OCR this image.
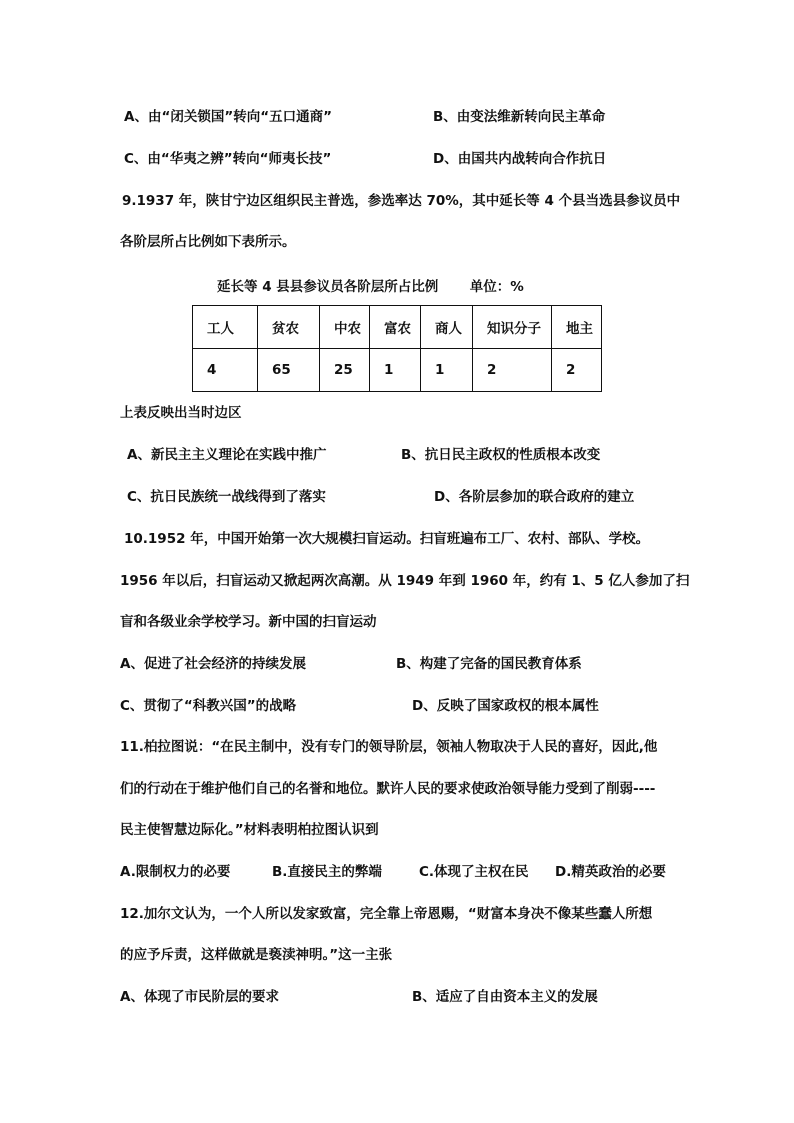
A、由“闭关锁国”转向“五口通商”	B、由变法维新转向民主革命
C、由“华夷之辨”转向“师夷长技”	D、由国共内战转向合作抗日
9.1937 年，陕甘宁边区组织民主普选，参选率达 70%，其中延长等 4 个县当选县参议员中
各阶层所占比例如下表所示。
延长等 4 县县参议员各阶层所占比例 单位：%
工人	贫农	中农	富农	商人	知识分子	地主
4	65	25	1	1	2	2
上表反映出当时边区
A、新民主主义理论在实践中推广	B、抗日民主政权的性质根本改变
C、抗日民族统一战线得到了落实	D、各阶层参加的联合政府的建立
10.1952 年，中国开始第一次大规模扫盲运动。扫盲班遍布工厂、农村、部队、学校。
1956 年以后，扫盲运动又掀起两次高潮。从 1949 年到 1960 年，约有 1、5 亿人参加了扫
盲和各级业余学校学习。新中国的扫盲运动
A、促进了社会经济的持续发展	B、构建了完备的国民教育体系
C、贯彻了“科教兴国”的战略	D、反映了国家政权的根本属性
11.柏拉图说：“在民主制中，没有专门的领导阶层，领袖人物取决于人民的喜好，因此,他
们的行动在于维护他们自己的名誉和地位。默许人民的要求使政治领导能力受到了削弱----
民主使智慧边际化。”材料表明柏拉图认识到
A.限制权力的必要	B.直接民主的弊端	C.体现了主权在民 D.精英政治的必要
12.加尔文认为，一个人所以发家致富，完全靠上帝恩赐，“财富本身决不像某些蠢人所想
的应予斥责，这样做就是亵渎神明。”这一主张
A、体现了市民阶层的要求	B、适应了自由资本主义的发展
